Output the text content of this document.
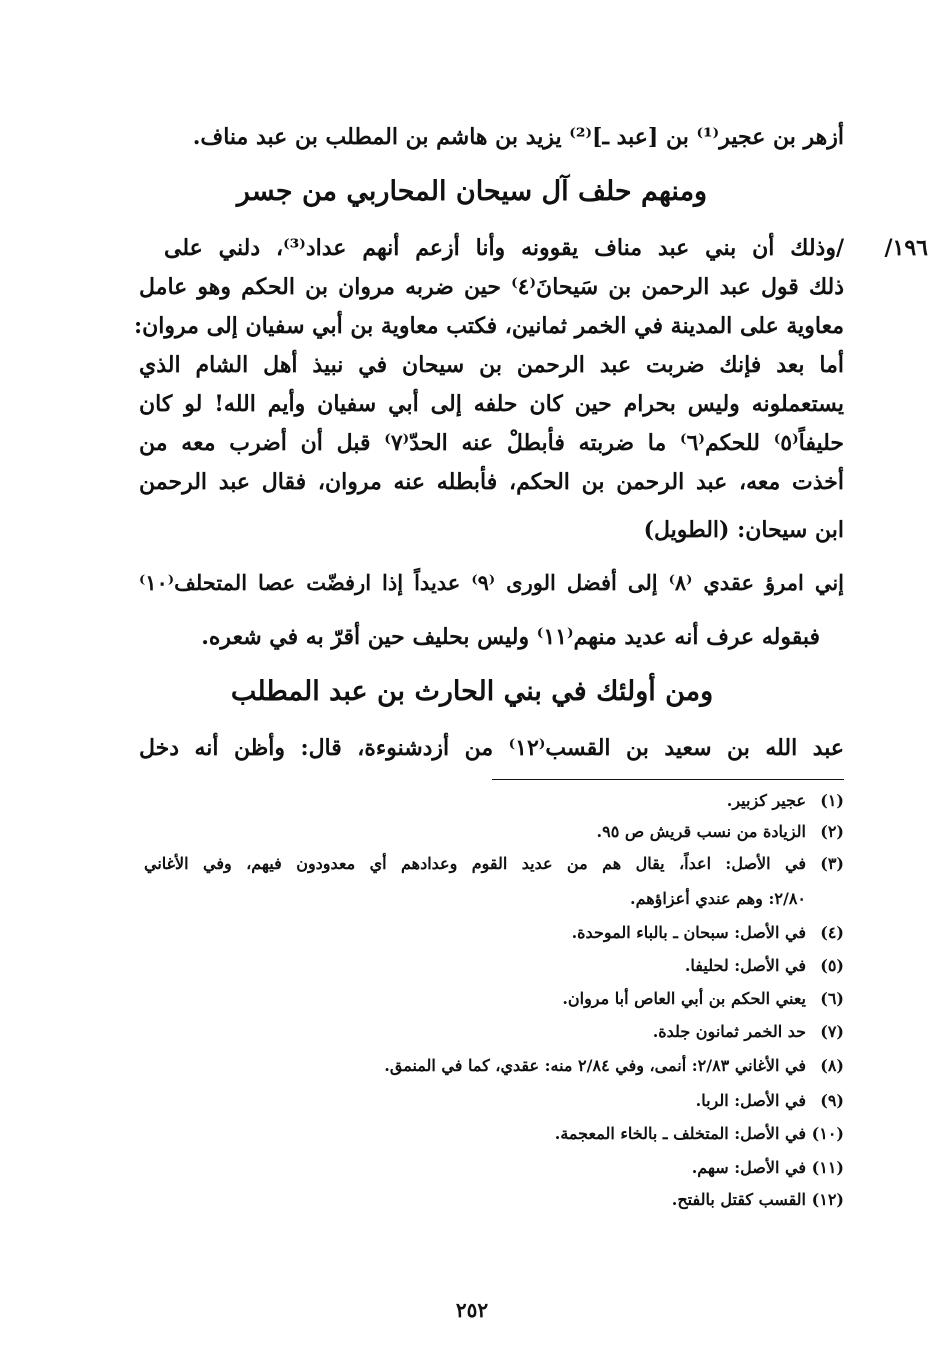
أزهر بن عجير⁽¹⁾ بن [عبد ـ]⁽²⁾ يزيد بن هاشم بن المطلب بن عبد مناف.
ومنهم حلف آل سيحان المحاربي من جسر
١٩٦/
/وذلك أن بني عبد مناف يقوونه وأنا أزعم أنهم عداد⁽³⁾، دلني على
ذلك قول عبد الرحمن بن سَيحانَ⁽٤⁾ حين ضربه مروان بن الحكم وهو عامل
معاوية على المدينة في الخمر ثمانين، فكتب معاوية بن أبي سفيان إلى مروان:
أما بعد فإنك ضربت عبد الرحمن بن سيحان في نبيذ أهل الشام الذي
يستعملونه وليس بحرام حين كان حلفه إلى أبي سفيان وأيم الله! لو كان
حليفاً⁽٥⁾ للحكم⁽٦⁾ ما ضربته فأبطلْ عنه الحدّ⁽٧⁾ قبل أن أضرب معه من
أخذت معه، عبد الرحمن بن الحكم، فأبطله عنه مروان، فقال عبد الرحمن
ابن سيحان: (الطويل)
إني امرؤ عقدي ⁽٨⁾ إلى أفضل الورى ⁽٩⁾ عديداً إذا ارفضّت عصا المتحلف⁽١٠⁾
فبقوله عرف أنه عديد منهم⁽١١⁾ وليس بحليف حين أقرّ به في شعره.
ومن أولئك في بني الحارث بن عبد المطلب
عبد الله بن سعيد بن القسب⁽١٢⁾ من أزدشنوءة، قال: وأظن أنه دخل
(١)عجير كزبير.
(٢)الزيادة من نسب قريش ص ٩٥.
(٣)في الأصل: اعداً، يقال هم من عديد القوم وعدادهم أي معدودون فيهم، وفي الأغاني
٢/٨٠: وهم عندي أعزاؤهم.
(٤)في الأصل: سبحان ـ بالباء الموحدة.
(٥)في الأصل: لحليفا.
(٦)يعني الحكم بن أبي العاص أبا مروان.
(٧)حد الخمر ثمانون جلدة.
(٨)في الأغاني ٢/٨٣: أنمى، وفي ٢/٨٤ منه: عقدي، كما في المنمق.
(٩)في الأصل: الربا.
(١٠)في الأصل: المتخلف ـ بالخاء المعجمة.
(١١)في الأصل: سهم.
(١٢)القسب كقتل بالفتح.
٢٥٢
